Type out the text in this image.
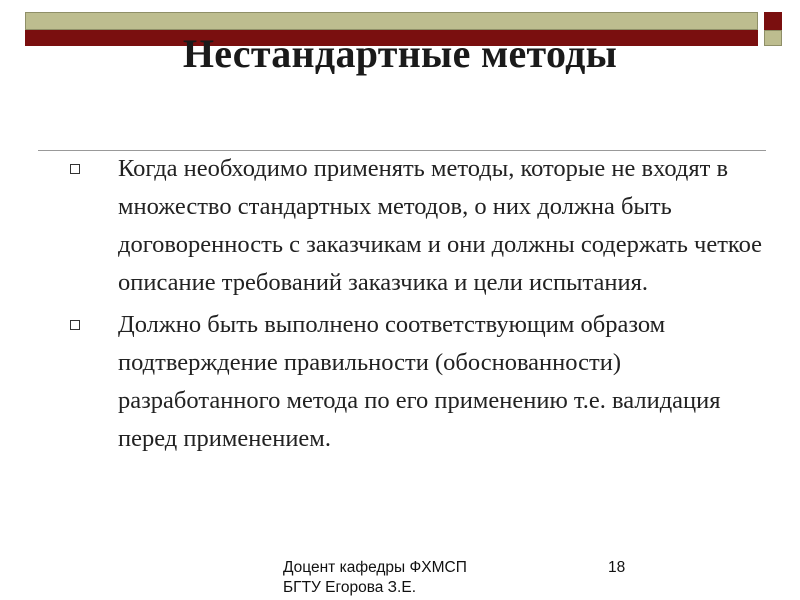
Нестандартные методы
Когда необходимо применять методы, которые не входят в множество стандартных методов, о них должна быть договоренность с заказчикам и они должны содержать четкое описание требований заказчика и цели испытания.
Должно быть выполнено соответствующим образом подтверждение правильности (обоснованности) разработанного метода по его применению т.е. валидация перед применением.
Доцент кафедры ФХМСП
БГТУ Егорова З.Е.
18
